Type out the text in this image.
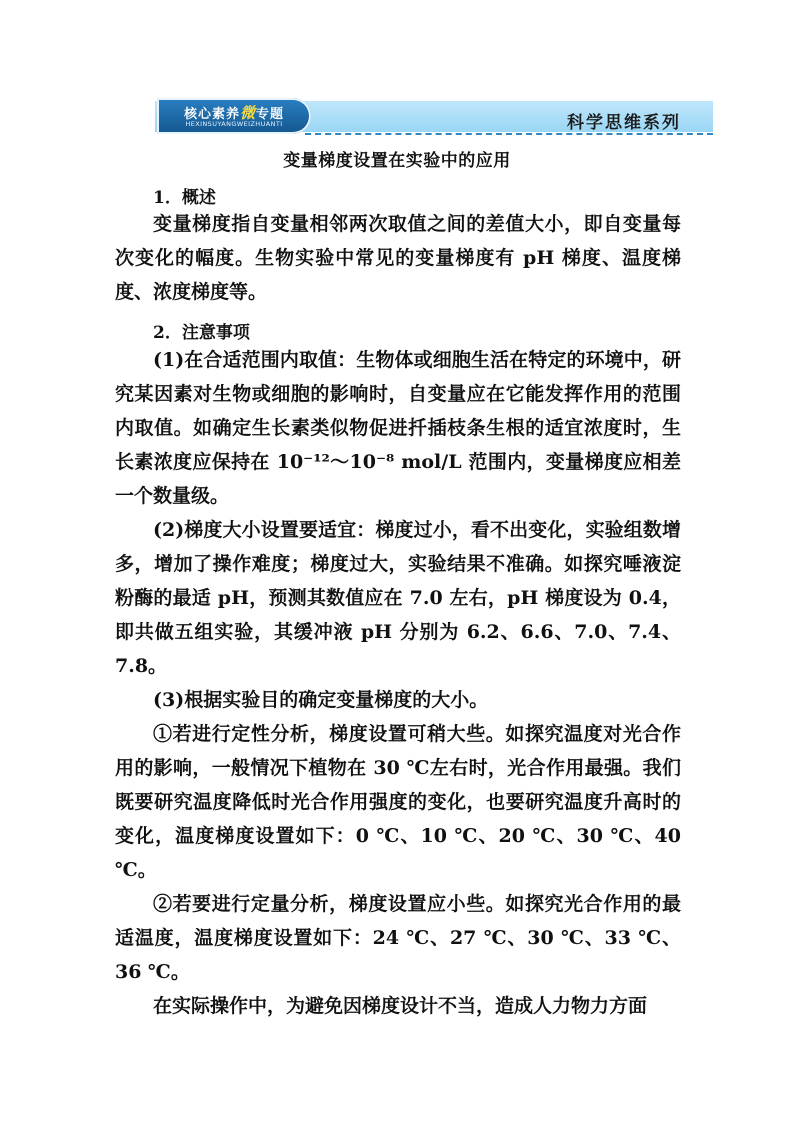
核心素养微专题
HEXINSUYANGWEIZHUANTI	科学思维系列
变量梯度设置在实验中的应用

1．概述

变量梯度指自变量相邻两次取值之间的差值大小，即自变量每次变化的幅度。生物实验中常见的变量梯度有 pH 梯度、温度梯度、浓度梯度等。

2．注意事项

(1)在合适范围内取值：生物体或细胞生活在特定的环境中，研究某因素对生物或细胞的影响时，自变量应在它能发挥作用的范围内取值。如确定生长素类似物促进扦插枝条生根的适宜浓度时，生长素浓度应保持在 10⁻¹²～10⁻⁸ mol/L 范围内，变量梯度应相差一个数量级。

(2)梯度大小设置要适宜：梯度过小，看不出变化，实验组数增多，增加了操作难度；梯度过大，实验结果不准确。如探究唾液淀粉酶的最适 pH，预测其数值应在 7.0 左右，pH 梯度设为 0.4，即共做五组实验，其缓冲液 pH 分别为 6.2、6.6、7.0、7.4、7.8。

(3)根据实验目的确定变量梯度的大小。

①若进行定性分析，梯度设置可稍大些。如探究温度对光合作用的影响，一般情况下植物在 30 ℃左右时，光合作用最强。我们既要研究温度降低时光合作用强度的变化，也要研究温度升高时的变化，温度梯度设置如下：0 ℃、10 ℃、20 ℃、30 ℃、40 ℃。

②若要进行定量分析，梯度设置应小些。如探究光合作用的最适温度，温度梯度设置如下：24 ℃、27 ℃、30 ℃、33 ℃、36 ℃。

在实际操作中，为避免因梯度设计不当，造成人力物力方面
